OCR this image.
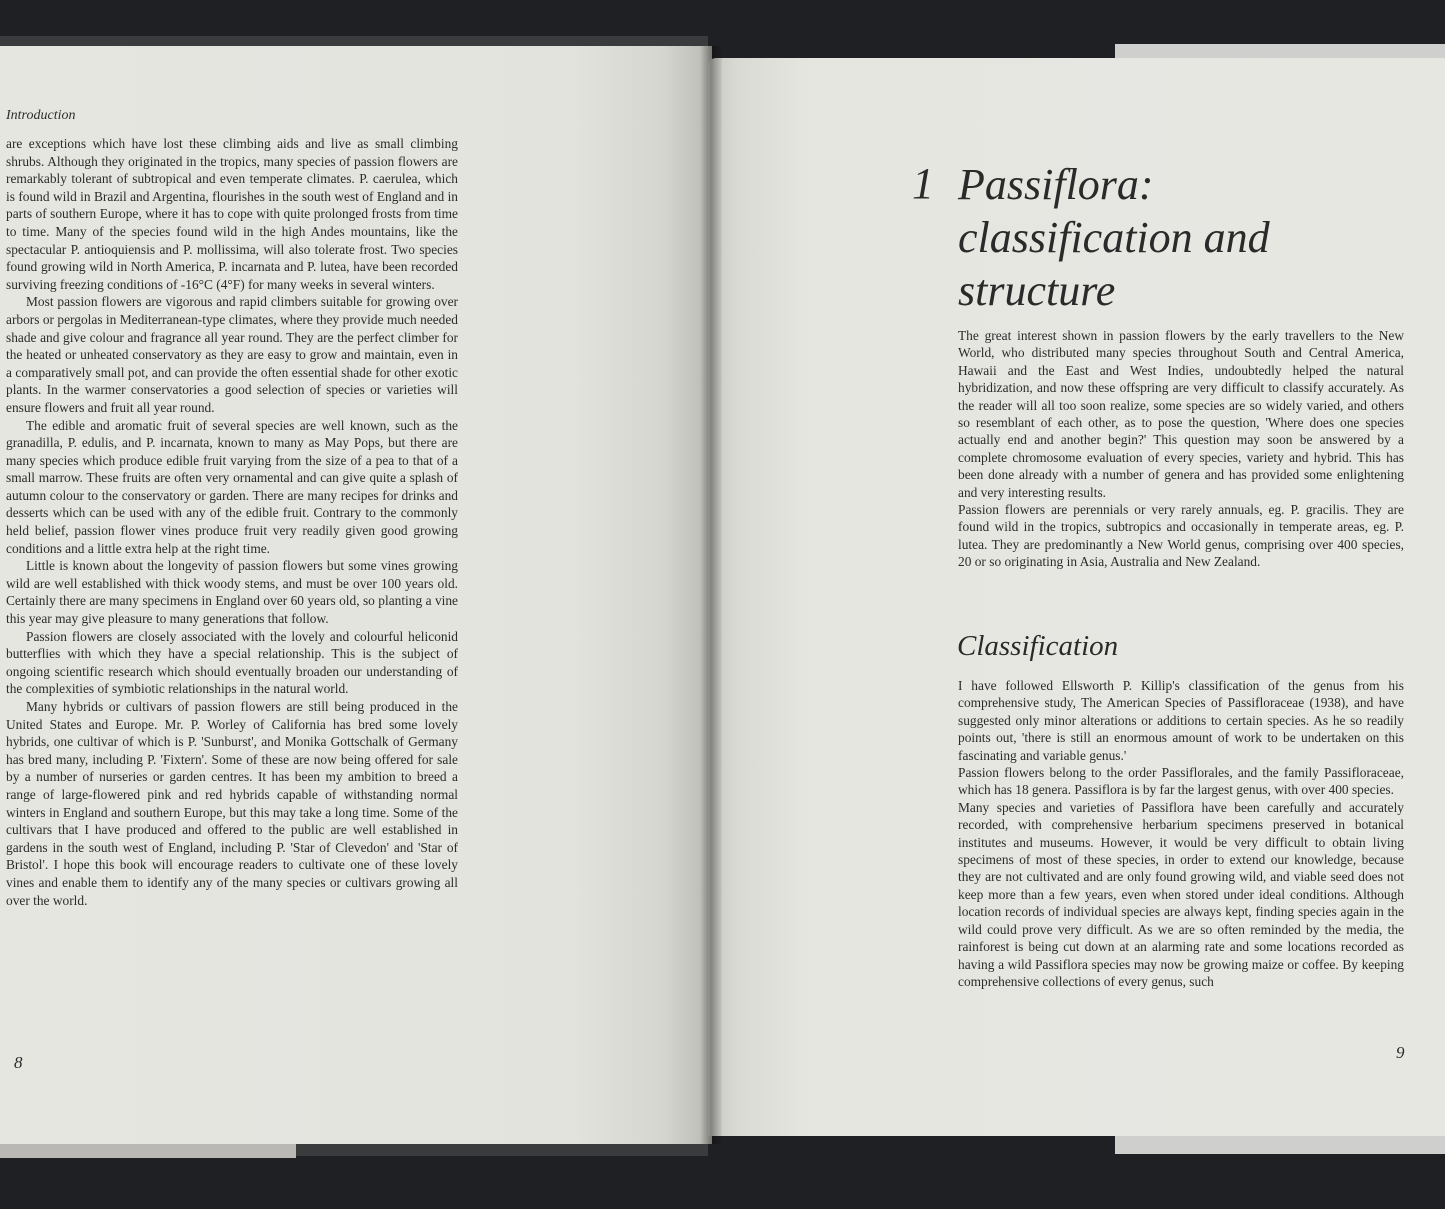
Introduction

are exceptions which have lost these climbing aids and live as small climbing shrubs. Although they originated in the tropics, many species of passion flowers are remarkably tolerant of subtropical and even temperate climates. P. caerulea, which is found wild in Brazil and Argentina, flourishes in the south west of England and in parts of southern Europe, where it has to cope with quite prolonged frosts from time to time. Many of the species found wild in the high Andes mountains, like the spectacular P. antioquiensis and P. mollissima, will also tolerate frost. Two species found growing wild in North America, P. incarnata and P. lutea, have been recorded surviving freezing conditions of -16°C (4°F) for many weeks in several winters.

Most passion flowers are vigorous and rapid climbers suitable for growing over arbors or pergolas in Mediterranean-type climates, where they provide much needed shade and give colour and fragrance all year round. They are the perfect climber for the heated or unheated conservatory as they are easy to grow and maintain, even in a comparatively small pot, and can provide the often essential shade for other exotic plants. In the warmer conservatories a good selection of species or varieties will ensure flowers and fruit all year round.

The edible and aromatic fruit of several species are well known, such as the granadilla, P. edulis, and P. incarnata, known to many as May Pops, but there are many species which produce edible fruit varying from the size of a pea to that of a small marrow. These fruits are often very ornamental and can give quite a splash of autumn colour to the conservatory or garden. There are many recipes for drinks and desserts which can be used with any of the edible fruit. Contrary to the commonly held belief, passion flower vines produce fruit very readily given good growing conditions and a little extra help at the right time.

Little is known about the longevity of passion flowers but some vines growing wild are well established with thick woody stems, and must be over 100 years old. Certainly there are many specimens in England over 60 years old, so planting a vine this year may give pleasure to many generations that follow.

Passion flowers are closely associated with the lovely and colourful heliconid butterflies with which they have a special relationship. This is the subject of ongoing scientific research which should eventually broaden our understanding of the complexities of symbiotic relationships in the natural world.

Many hybrids or cultivars of passion flowers are still being produced in the United States and Europe. Mr. P. Worley of California has bred some lovely hybrids, one cultivar of which is P. 'Sunburst', and Monika Gottschalk of Germany has bred many, including P. 'Fixtern'. Some of these are now being offered for sale by a number of nurseries or garden centres. It has been my ambition to breed a range of large-flowered pink and red hybrids capable of withstanding normal winters in England and southern Europe, but this may take a long time. Some of the cultivars that I have produced and offered to the public are well established in gardens in the south west of England, including P. 'Star of Clevedon' and 'Star of Bristol'. I hope this book will encourage readers to cultivate one of these lovely vines and enable them to identify any of the many species or cultivars growing all over the world.

8
1 Passiflora:
classification and
structure

The great interest shown in passion flowers by the early travellers to the New World, who distributed many species throughout South and Central America, Hawaii and the East and West Indies, undoubtedly helped the natural hybridization, and now these offspring are very difficult to classify accurately. As the reader will all too soon realize, some species are so widely varied, and others so resemblant of each other, as to pose the question, 'Where does one species actually end and another begin?' This question may soon be answered by a complete chromosome evaluation of every species, variety and hybrid. This has been done already with a number of genera and has provided some enlightening and very interesting results.

Passion flowers are perennials or very rarely annuals, eg. P. gracilis. They are found wild in the tropics, subtropics and occasionally in temperate areas, eg. P. lutea. They are predominantly a New World genus, comprising over 400 species, 20 or so originating in Asia, Australia and New Zealand.

Classification

I have followed Ellsworth P. Killip's classification of the genus from his comprehensive study, The American Species of Passifloraceae (1938), and have suggested only minor alterations or additions to certain species. As he so readily points out, 'there is still an enormous amount of work to be undertaken on this fascinating and variable genus.'

Passion flowers belong to the order Passiflorales, and the family Passifloraceae, which has 18 genera. Passiflora is by far the largest genus, with over 400 species.

Many species and varieties of Passiflora have been carefully and accurately recorded, with comprehensive herbarium specimens preserved in botanical institutes and museums. However, it would be very difficult to obtain living specimens of most of these species, in order to extend our knowledge, because they are not cultivated and are only found growing wild, and viable seed does not keep more than a few years, even when stored under ideal conditions. Although location records of individual species are always kept, finding species again in the wild could prove very difficult. As we are so often reminded by the media, the rainforest is being cut down at an alarming rate and some locations recorded as having a wild Passiflora species may now be growing maize or coffee. By keeping comprehensive collections of every genus, such

9
